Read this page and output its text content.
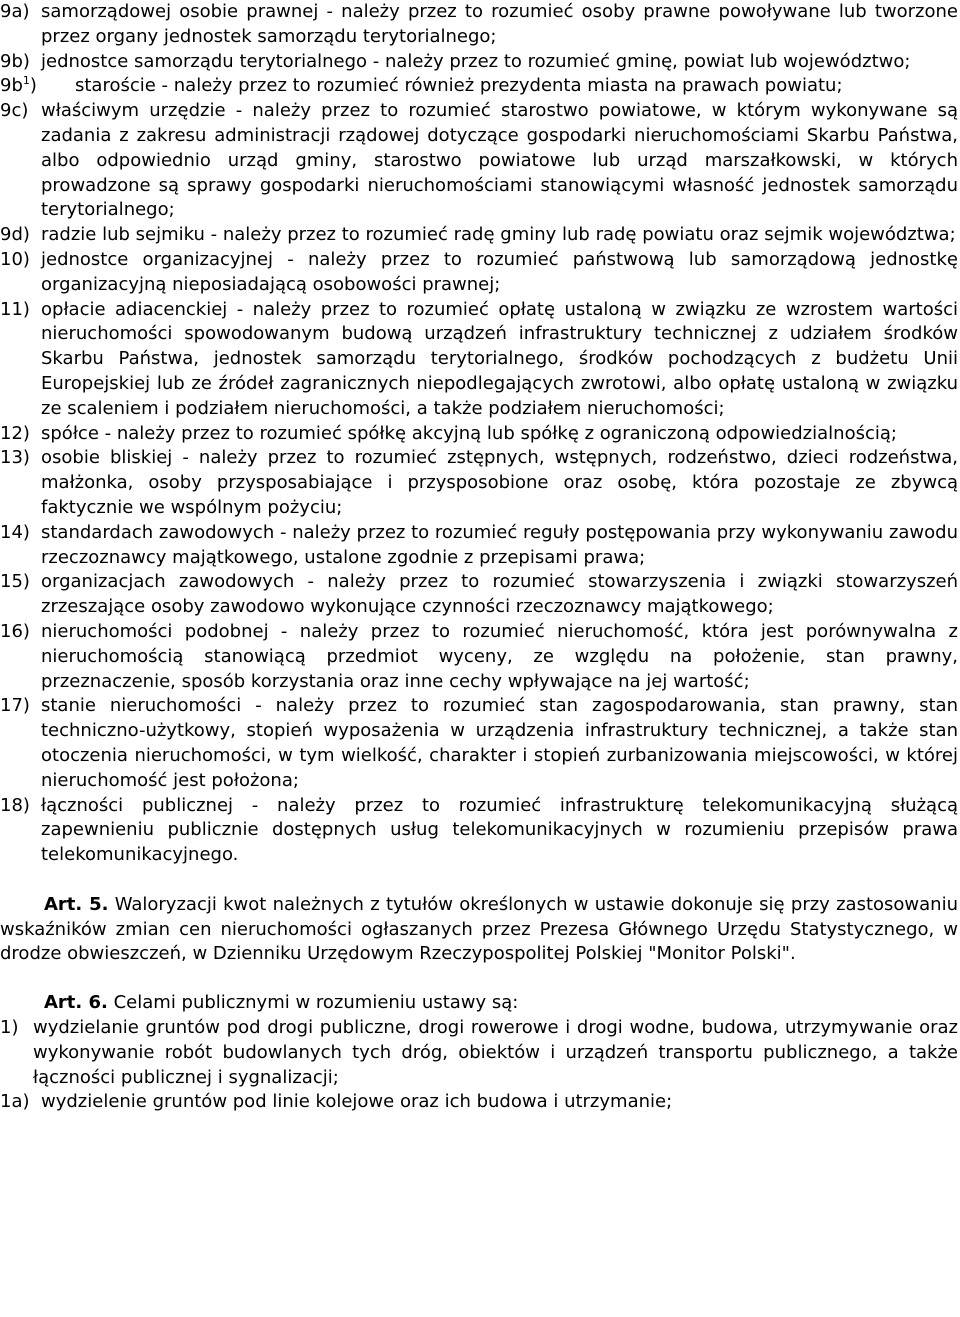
9a) samorządowej osobie prawnej - należy przez to rozumieć osoby prawne powoływane lub tworzone przez organy jednostek samorządu terytorialnego;
9b) jednostce samorządu terytorialnego - należy przez to rozumieć gminę, powiat lub województwo;
$9b^1$)	staroście - należy przez to rozumieć również prezydenta miasta na prawach powiatu;
9c) właściwym urzędzie - należy przez to rozumieć starostwo powiatowe, w którym wykonywane są zadania z zakresu administracji rządowej dotyczące gospodarki nieruchomościami Skarbu Państwa, albo odpowiednio urząd gminy, starostwo powiatowe lub urząd marszałkowski, w których prowadzone są sprawy gospodarki nieruchomościami stanowiącymi własność jednostek samorządu terytorialnego;
9d) radzie lub sejmiku - należy przez to rozumieć radę gminy lub radę powiatu oraz sejmik województwa;
10) jednostce organizacyjnej - należy przez to rozumieć państwową lub samorządową jednostkę organizacyjną nieposiadającą osobowości prawnej;
11) opłacie adiacenckiej - należy przez to rozumieć opłatę ustaloną w związku ze wzrostem wartości nieruchomości spowodowanym budową urządzeń infrastruktury technicznej z udziałem środków Skarbu Państwa, jednostek samorządu terytorialnego, środków pochodzących z budżetu Unii Europejskiej lub ze źródeł zagranicznych niepodlegających zwrotowi, albo opłatę ustaloną w związku ze scaleniem i podziałem nieruchomości, a także podziałem nieruchomości;
12) spółce - należy przez to rozumieć spółkę akcyjną lub spółkę z ograniczoną odpowiedzialnością;
13) osobie bliskiej - należy przez to rozumieć zstępnych, wstępnych, rodzeństwo, dzieci rodzeństwa, małżonka, osoby przysposabiające i przysposobione oraz osobę, która pozostaje ze zbywcą faktycznie we wspólnym pożyciu;
14) standardach zawodowych - należy przez to rozumieć reguły postępowania przy wykonywaniu zawodu rzeczoznawcy majątkowego, ustalone zgodnie z przepisami prawa;
15) organizacjach zawodowych - należy przez to rozumieć stowarzyszenia i związki stowarzyszeń zrzeszające osoby zawodowo wykonujące czynności rzeczoznawcy majątkowego;
16) nieruchomości podobnej - należy przez to rozumieć nieruchomość, która jest porównywalna z nieruchomością stanowiącą przedmiot wyceny, ze względu na położenie, stan prawny, przeznaczenie, sposób korzystania oraz inne cechy wpływające na jej wartość;
17) stanie nieruchomości - należy przez to rozumieć stan zagospodarowania, stan prawny, stan techniczno-użytkowy, stopień wyposażenia w urządzenia infrastruktury technicznej, a także stan otoczenia nieruchomości, w tym wielkość, charakter i stopień zurbanizowania miejscowości, w której nieruchomość jest położona;
18) łączności publicznej - należy przez to rozumieć infrastrukturę telekomunikacyjną służącą zapewnieniu publicznie dostępnych usług telekomunikacyjnych w rozumieniu przepisów prawa telekomunikacyjnego.
Art. 5. Waloryzacji kwot należnych z tytułów określonych w ustawie dokonuje się przy zastosowaniu wskaźników zmian cen nieruchomości ogłaszanych przez Prezesa Głównego Urzędu Statystycznego, w drodze obwieszczeń, w Dzienniku Urzędowym Rzeczypospolitej Polskiej "Monitor Polski".
Art. 6. Celami publicznymi w rozumieniu ustawy są:
1) wydzielanie gruntów pod drogi publiczne, drogi rowerowe i drogi wodne, budowa, utrzymywanie oraz wykonywanie robót budowlanych tych dróg, obiektów i urządzeń transportu publicznego, a także łączności publicznej i sygnalizacji;
1a) wydzielenie gruntów pod linie kolejowe oraz ich budowa i utrzymanie;
